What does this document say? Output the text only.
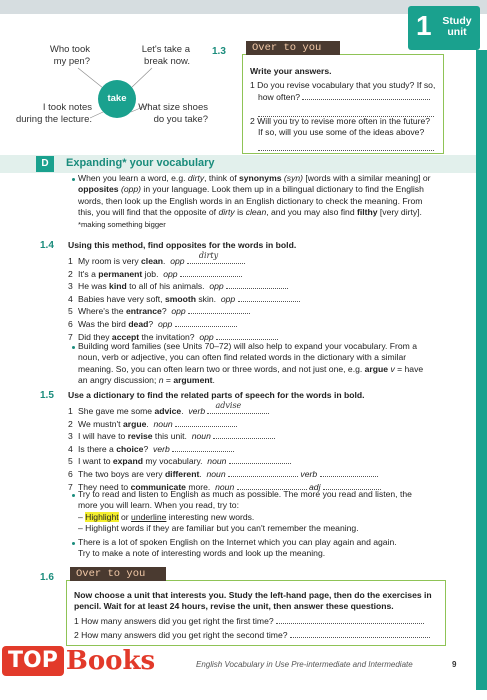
1	Study
unit
Who took
my pen?
Let's take a
break now.
take
I took notes
during the lecture.
What size shoes
do you take?
1.3	Over to you
Write your answers.
1 Do you revise vocabulary that you study? If so,
how often?
2 Will you try to revise more often in the future?
If so, will you use some of the ideas above?
D	Expanding* your vocabulary
When you learn a word, e.g. dirty, think of synonyms (syn) [words with a similar meaning] or
opposites (opp) in your language. Look them up in a bilingual dictionary to find the English
words, then look up the English words in an English dictionary to check the meaning. From
this, you will find that the opposite of dirty is clean, and you may also find filthy [very dirty].
*making something bigger
1.4 Using this method, find opposites for the words in bold.
1 My room is very clean. opp
dirty
2 It's a permanent job. opp
3 He was kind to all of his animals. opp
4 Babies have very soft, smooth skin. opp
5 Where's the entrance? opp
6 Was the bird dead? opp
7 Did they accept the invitation? opp
Building word families (see Units 70–72) will also help to expand your vocabulary. From a
noun, verb or adjective, you can often find related words in the dictionary with a similar
meaning. So, you can often learn two or three words, and not just one, e.g. argue v = have
an angry discussion; n = argument.
1.5 Use a dictionary to find the related parts of speech for the words in bold.
1 She gave me some advice. verb
advise
2 We mustn't argue. noun
3 I will have to revise this unit. noun
4 Is there a choice? verb
5 I want to expand my vocabulary. noun
6 The two boys are very different. noun	verb
7 They need to communicate more. noun	adj
Try to read and listen to English as much as possible. The more you read and listen, the
more you will learn. When you read, try to:
– Highlight or underline interesting new words.
– Highlight words if they are familiar but you can't remember the meaning.
There is a lot of spoken English on the Internet which you can play again and again.
Try to make a note of interesting words and look up the meaning.
1.6	Over to you
Now choose a unit that interests you. Study the left-hand page, then do the exercises in
pencil. Wait for at least 24 hours, revise the unit, then answer these questions.
1 How many answers did you get right the first time?
2 How many answers did you get right the second time?
English Vocabulary in Use Pre-intermediate and Intermediate	9
TOP Books
